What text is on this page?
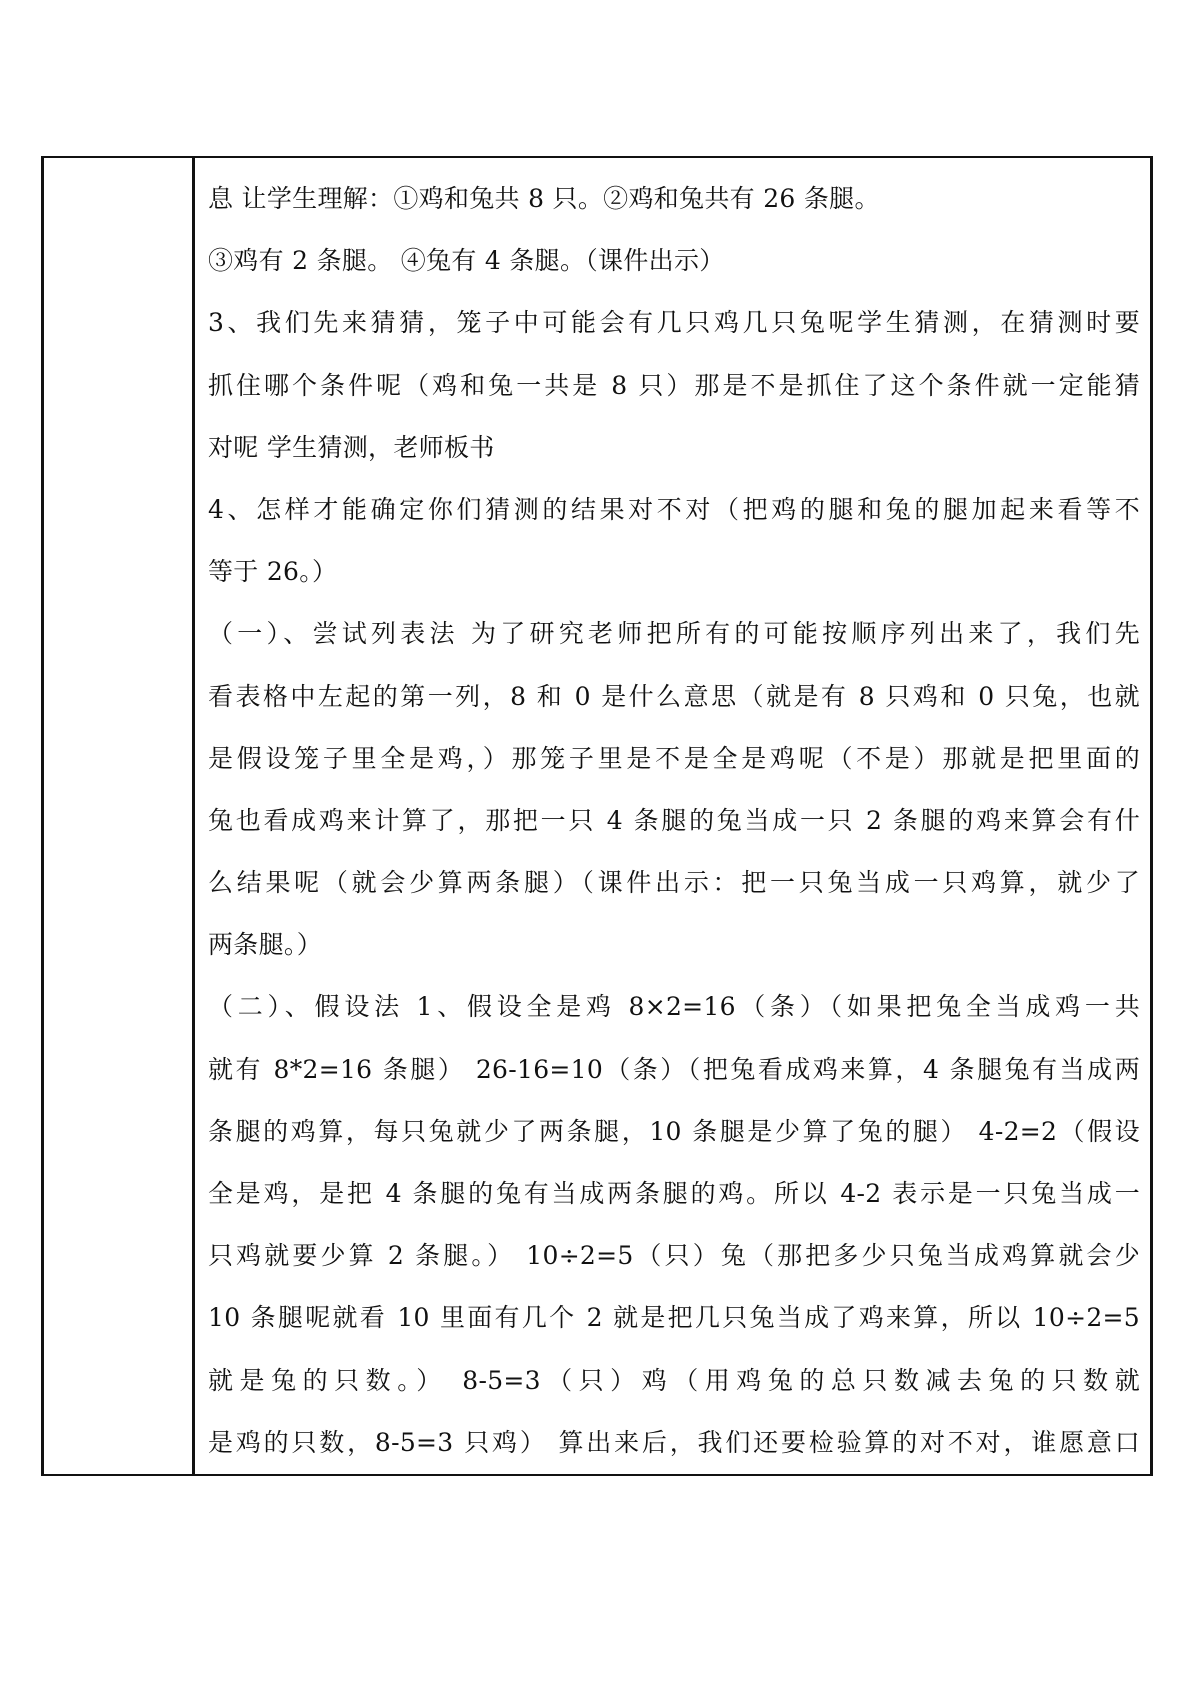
息 让学生理解：①鸡和兔共 8 只。②鸡和兔共有 26 条腿。
③鸡有 2 条腿。 ④兔有 4 条腿。（课件出示）
3、我们先来猜猜，笼子中可能会有几只鸡几只兔呢学生猜测，在猜测时要
抓住哪个条件呢（鸡和兔一共是 8 只）那是不是抓住了这个条件就一定能猜
对呢 学生猜测，老师板书
4、怎样才能确定你们猜测的结果对不对（把鸡的腿和兔的腿加起来看等不
等于 26。）
（一）、尝试列表法 为了研究老师把所有的可能按顺序列出来了，我们先
看表格中左起的第一列，8 和 0 是什么意思（就是有 8 只鸡和 0 只兔，也就
是假设笼子里全是鸡，）那笼子里是不是全是鸡呢（不是）那就是把里面的
兔也看成鸡来计算了，那把一只 4 条腿的兔当成一只 2 条腿的鸡来算会有什
么结果呢（就会少算两条腿）（课件出示：把一只兔当成一只鸡算，就少了
两条腿。）
（二）、假设法 1、假设全是鸡 8×2=16（条）（如果把兔全当成鸡一共
就有 8*2=16 条腿） 26-16=10（条）（把兔看成鸡来算，4 条腿兔有当成两
条腿的鸡算，每只兔就少了两条腿，10 条腿是少算了兔的腿） 4-2=2（假设
全是鸡，是把 4 条腿的兔有当成两条腿的鸡。所以 4-2 表示是一只兔当成一
只鸡就要少算 2 条腿。） 10÷2=5（只）兔（那把多少只兔当成鸡算就会少
10 条腿呢就看 10 里面有几个 2 就是把几只兔当成了鸡来算，所以 10÷2=5
就是兔的只数。） 8-5=3（只）鸡（用鸡兔的总只数减去兔的只数就
是鸡的只数，8-5=3 只鸡） 算出来后，我们还要检验算的对不对，谁愿意口
